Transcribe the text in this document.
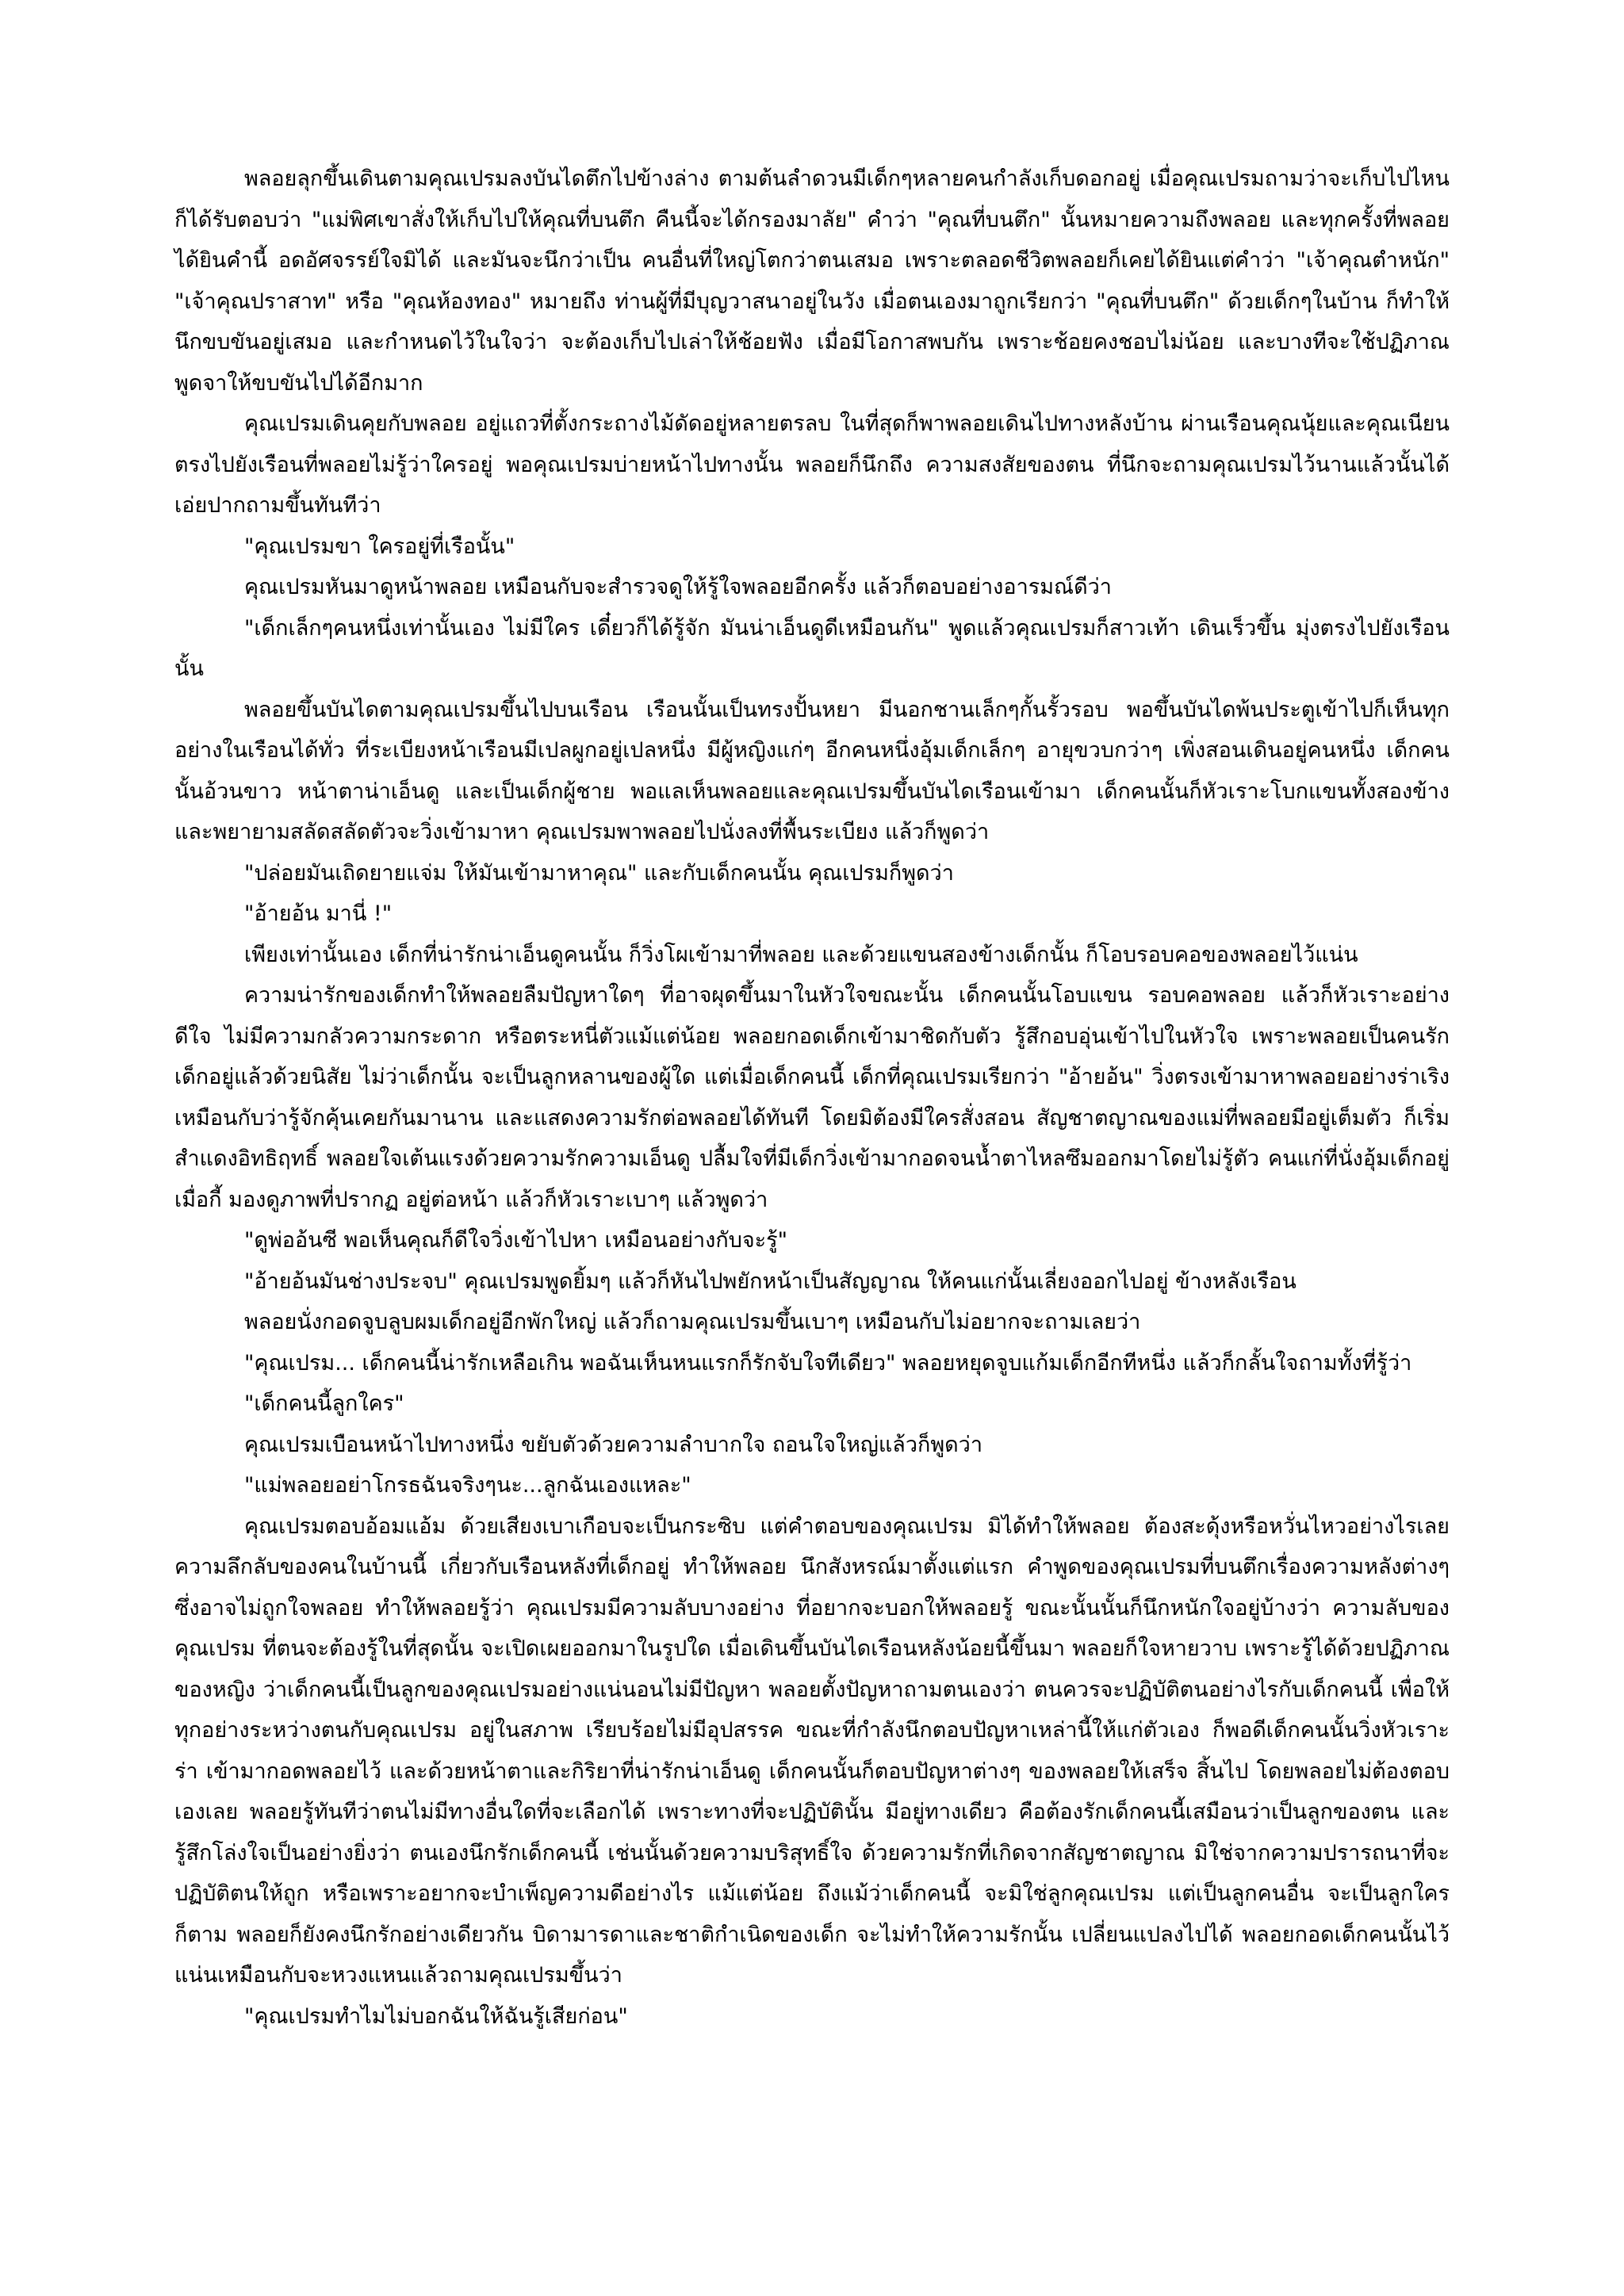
พลอยลุกขึ้นเดินตามคุณเปรมลงบันไดตึกไปข้างล่าง ตามต้นลำดวนมีเด็กๆหลายคนกำลังเก็บดอกอยู่ เมื่อคุณเปรมถามว่าจะเก็บไปไหน ก็ได้รับตอบว่า "แม่พิศเขาสั่งให้เก็บไปให้คุณที่บนตึก คืนนี้จะได้กรองมาลัย" คำว่า "คุณที่บนตึก" นั้นหมายความถึงพลอย และทุกครั้งที่พลอยได้ยินคำนี้ อดอัศจรรย์ใจมิได้ และมันจะนึกว่าเป็น คนอื่นที่ใหญ่โตกว่าตนเสมอ เพราะตลอดชีวิตพลอยก็เคยได้ยินแต่คำว่า "เจ้าคุณตำหนัก" "เจ้าคุณปราสาท" หรือ "คุณห้องทอง" หมายถึง ท่านผู้ที่มีบุญวาสนาอยู่ในวัง เมื่อตนเองมาถูกเรียกว่า "คุณที่บนตึก" ด้วยเด็กๆในบ้าน ก็ทำให้นึกขบขันอยู่เสมอ และกำหนดไว้ในใจว่า จะต้องเก็บไปเล่าให้ช้อยฟัง เมื่อมีโอกาสพบกัน เพราะช้อยคงชอบไม่น้อย และบางทีจะใช้ปฏิภาณพูดจาให้ขบขันไปได้อีกมาก

คุณเปรมเดินคุยกับพลอย อยู่แถวที่ตั้งกระถางไม้ดัดอยู่หลายตรลบ ในที่สุดก็พาพลอยเดินไปทางหลังบ้าน ผ่านเรือนคุณนุ้ยและคุณเนียน ตรงไปยังเรือนที่พลอยไม่รู้ว่าใครอยู่ พอคุณเปรมบ่ายหน้าไปทางนั้น พลอยก็นึกถึง ความสงสัยของตน ที่นึกจะถามคุณเปรมไว้นานแล้วนั้นได้ เอ่ยปากถามขึ้นทันทีว่า

"คุณเปรมขา ใครอยู่ที่เรือนั้น"

คุณเปรมหันมาดูหน้าพลอย เหมือนกับจะสำรวจดูให้รู้ใจพลอยอีกครั้ง แล้วก็ตอบอย่างอารมณ์ดีว่า

"เด็กเล็กๆคนหนึ่งเท่านั้นเอง ไม่มีใคร เดี๋ยวก็ได้รู้จัก มันน่าเอ็นดูดีเหมือนกัน" พูดแล้วคุณเปรมก็สาวเท้า เดินเร็วขึ้น มุ่งตรงไปยังเรือนนั้น

พลอยขึ้นบันไดตามคุณเปรมขึ้นไปบนเรือน เรือนนั้นเป็นทรงปั้นหยา มีนอกชานเล็กๆกั้นรั้วรอบ พอขึ้นบันไดพ้นประตูเข้าไปก็เห็นทุกอย่างในเรือนได้ทั่ว ที่ระเบียงหน้าเรือนมีเปลผูกอยู่เปลหนึ่ง มีผู้หญิงแก่ๆ อีกคนหนึ่งอุ้มเด็กเล็กๆ อายุขวบกว่าๆ เพิ่งสอนเดินอยู่คนหนึ่ง เด็กคนนั้นอ้วนขาว หน้าตาน่าเอ็นดู และเป็นเด็กผู้ชาย พอแลเห็นพลอยและคุณเปรมขึ้นบันไดเรือนเข้ามา เด็กคนนั้นก็หัวเราะโบกแขนทั้งสองข้าง และพยายามสลัดสลัดตัวจะวิ่งเข้ามาหา คุณเปรมพาพลอยไปนั่งลงที่พื้นระเบียง แล้วก็พูดว่า

"ปล่อยมันเถิดยายแจ่ม ให้มันเข้ามาหาคุณ" และกับเด็กคนนั้น คุณเปรมก็พูดว่า

"อ้ายอ้น มานี่ !"

เพียงเท่านั้นเอง เด็กที่น่ารักน่าเอ็นดูคนนั้น ก็วิ่งโผเข้ามาที่พลอย และด้วยแขนสองข้างเด็กนั้น ก็โอบรอบคอของพลอยไว้แน่น

ความน่ารักของเด็กทำให้พลอยลืมปัญหาใดๆ ที่อาจผุดขึ้นมาในหัวใจขณะนั้น เด็กคนนั้นโอบแขน รอบคอพลอย แล้วก็หัวเราะอย่างดีใจ ไม่มีความกลัวความกระดาก หรือตระหนี่ตัวแม้แต่น้อย พลอยกอดเด็กเข้ามาชิดกับตัว รู้สึกอบอุ่นเข้าไปในหัวใจ เพราะพลอยเป็นคนรักเด็กอยู่แล้วด้วยนิสัย ไม่ว่าเด็กนั้น จะเป็นลูกหลานของผู้ใด แต่เมื่อเด็กคนนี้ เด็กที่คุณเปรมเรียกว่า "อ้ายอ้น" วิ่งตรงเข้ามาหาพลอยอย่างร่าเริง เหมือนกับว่ารู้จักคุ้นเคยกันมานาน และแสดงความรักต่อพลอยได้ทันที โดยมิต้องมีใครสั่งสอน สัญชาตญาณของแม่ที่พลอยมีอยู่เต็มตัว ก็เริ่มสำแดงอิทธิฤทธิ์ พลอยใจเต้นแรงด้วยความรักความเอ็นดู ปลื้มใจที่มีเด็กวิ่งเข้ามากอดจนน้ำตาไหลซึมออกมาโดยไม่รู้ตัว คนแก่ที่นั่งอุ้มเด็กอยู่เมื่อกี้ มองดูภาพที่ปรากฏ อยู่ต่อหน้า แล้วก็หัวเราะเบาๆ แล้วพูดว่า

"ดูพ่ออ้นซี พอเห็นคุณก็ดีใจวิ่งเข้าไปหา เหมือนอย่างกับจะรู้"

"อ้ายอ้นมันช่างประจบ" คุณเปรมพูดยิ้มๆ แล้วก็หันไปพยักหน้าเป็นสัญญาณ ให้คนแก่นั้นเลี่ยงออกไปอยู่ ข้างหลังเรือน

พลอยนั่งกอดจูบลูบผมเด็กอยู่อีกพักใหญ่ แล้วก็ถามคุณเปรมขึ้นเบาๆ เหมือนกับไม่อยากจะถามเลยว่า

"คุณเปรม... เด็กคนนี้น่ารักเหลือเกิน พอฉันเห็นหนแรกก็รักจับใจทีเดียว" พลอยหยุดจูบแก้มเด็กอีกทีหนึ่ง แล้วก็กลั้นใจถามทั้งที่รู้ว่า

"เด็กคนนี้ลูกใคร"

คุณเปรมเบือนหน้าไปทางหนึ่ง ขยับตัวด้วยความลำบากใจ ถอนใจใหญ่แล้วก็พูดว่า

"แม่พลอยอย่าโกรธฉันจริงๆนะ...ลูกฉันเองแหละ"

คุณเปรมตอบอ้อมแอ้ม ด้วยเสียงเบาเกือบจะเป็นกระซิบ แต่คำตอบของคุณเปรม มิได้ทำให้พลอย ต้องสะดุ้งหรือหวั่นไหวอย่างไรเลย ความลึกลับของคนในบ้านนี้ เกี่ยวกับเรือนหลังที่เด็กอยู่ ทำให้พลอย นึกสังหรณ์มาตั้งแต่แรก คำพูดของคุณเปรมที่บนตึกเรื่องความหลังต่างๆ ซึ่งอาจไม่ถูกใจพลอย ทำให้พลอยรู้ว่า คุณเปรมมีความลับบางอย่าง ที่อยากจะบอกให้พลอยรู้ ขณะนั้นนั้นก็นึกหนักใจอยู่บ้างว่า ความลับของคุณเปรม ที่ตนจะต้องรู้ในที่สุดนั้น จะเปิดเผยออกมาในรูปใด เมื่อเดินขึ้นบันไดเรือนหลังน้อยนี้ขึ้นมา พลอยก็ใจหายวาบ เพราะรู้ได้ด้วยปฏิภาณของหญิง ว่าเด็กคนนี้เป็นลูกของคุณเปรมอย่างแน่นอนไม่มีปัญหา พลอยตั้งปัญหาถามตนเองว่า ตนควรจะปฏิบัติตนอย่างไรกับเด็กคนนี้ เพื่อให้ทุกอย่างระหว่างตนกับคุณเปรม อยู่ในสภาพ เรียบร้อยไม่มีอุปสรรค ขณะที่กำลังนึกตอบปัญหาเหล่านี้ให้แก่ตัวเอง ก็พอดีเด็กคนนั้นวิ่งหัวเราะร่า เข้ามากอดพลอยไว้ และด้วยหน้าตาและกิริยาที่น่ารักน่าเอ็นดู เด็กคนนั้นก็ตอบปัญหาต่างๆ ของพลอยให้เสร็จ สิ้นไป โดยพลอยไม่ต้องตอบเองเลย พลอยรู้ทันทีว่าตนไม่มีทางอื่นใดที่จะเลือกได้ เพราะทางที่จะปฏิบัตินั้น มีอยู่ทางเดียว คือต้องรักเด็กคนนี้เสมือนว่าเป็นลูกของตน และรู้สึกโล่งใจเป็นอย่างยิ่งว่า ตนเองนึกรักเด็กคนนี้ เช่นนั้นด้วยความบริสุทธิ์ใจ ด้วยความรักที่เกิดจากสัญชาตญาณ มิใช่จากความปรารถนาที่จะปฏิบัติตนให้ถูก หรือเพราะอยากจะบำเพ็ญความดีอย่างไร แม้แต่น้อย ถึงแม้ว่าเด็กคนนี้ จะมิใช่ลูกคุณเปรม แต่เป็นลูกคนอื่น จะเป็นลูกใครก็ตาม พลอยก็ยังคงนึกรักอย่างเดียวกัน บิดามารดาและชาติกำเนิดของเด็ก จะไม่ทำให้ความรักนั้น เปลี่ยนแปลงไปได้ พลอยกอดเด็กคนนั้นไว้แน่นเหมือนกับจะหวงแหนแล้วถามคุณเปรมขึ้นว่า

"คุณเปรมทำไมไม่บอกฉันให้ฉันรู้เสียก่อน"
